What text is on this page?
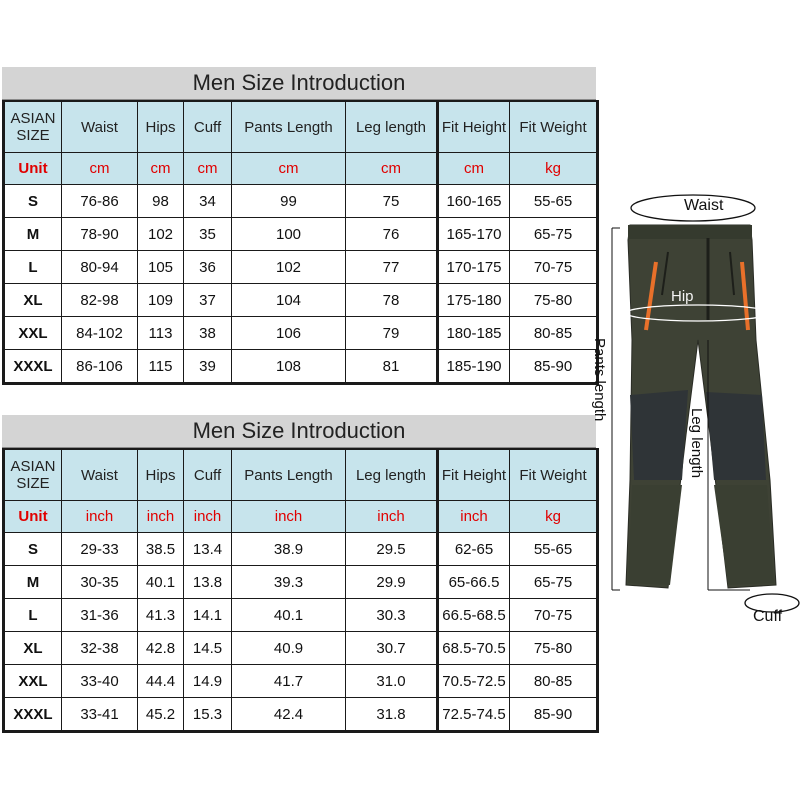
Men Size Introduction
ASIAN SIZE	Waist	Hips	Cuff	Pants Length	Leg length	Fit Height	Fit Weight
Unit	cm	cm	cm	cm	cm	cm	kg
S	76-86	98	34	99	75	160-165	55-65
M	78-90	102	35	100	76	165-170	65-75
L	80-94	105	36	102	77	170-175	70-75
XL	82-98	109	37	104	78	175-180	75-80
XXL	84-102	113	38	106	79	180-185	80-85
XXXL	86-106	115	39	108	81	185-190	85-90
Men Size Introduction
ASIAN SIZE	Waist	Hips	Cuff	Pants Length	Leg length	Fit Height	Fit Weight
Unit	inch	inch	inch	inch	inch	inch	kg
S	29-33	38.5	13.4	38.9	29.5	62-65	55-65
M	30-35	40.1	13.8	39.3	29.9	65-66.5	65-75
L	31-36	41.3	14.1	40.1	30.3	66.5-68.5	70-75
XL	32-38	42.8	14.5	40.9	30.7	68.5-70.5	75-80
XXL	33-40	44.4	14.9	41.7	31.0	70.5-72.5	80-85
XXXL	33-41	45.2	15.3	42.4	31.8	72.5-74.5	85-90
Waist
Hip
Pants length
Leg length
Cuff
